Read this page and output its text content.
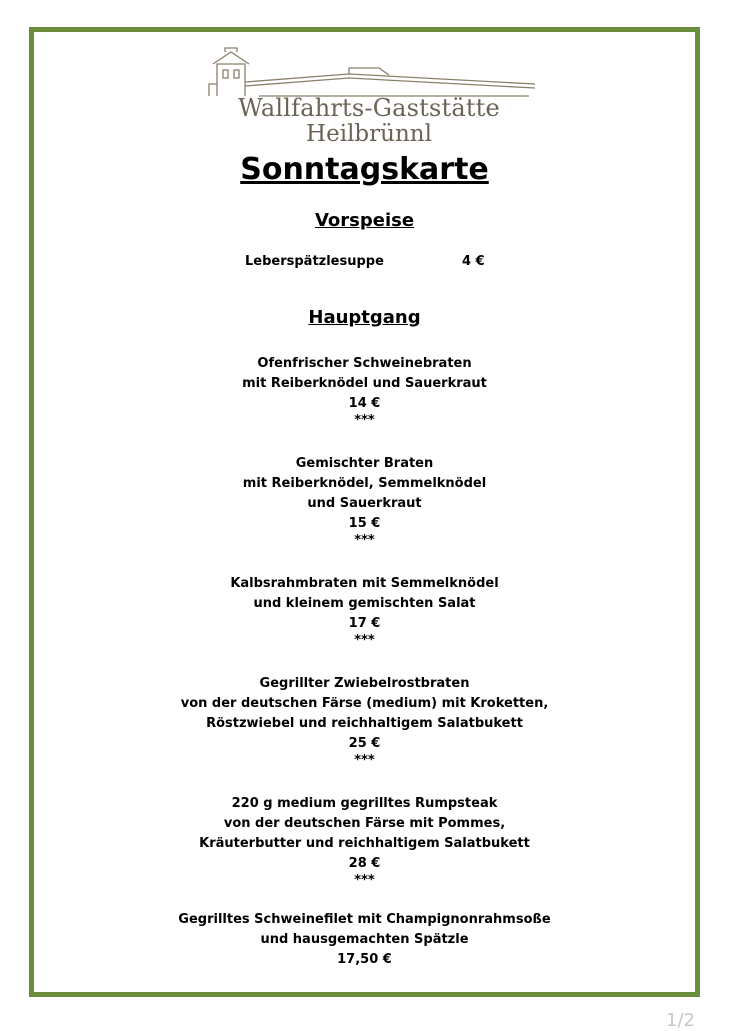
Wallfahrts-Gaststätte
Heilbrünnl
Sonntagskarte
Vorspeise
Leberspätzlesuppe	4 €
Hauptgang
Ofenfrischer Schweinebraten
mit Reiberknödel und Sauerkraut
14 €
***
Gemischter Braten
mit Reiberknödel, Semmelknödel
und Sauerkraut
15 €
***
Kalbsrahmbraten mit Semmelknödel
und kleinem gemischten Salat
17 €
***
Gegrillter Zwiebelrostbraten
von der deutschen Färse (medium) mit Kroketten,
Röstzwiebel und reichhaltigem Salatbukett
25 €
***
220 g medium gegrilltes Rumpsteak
von der deutschen Färse mit Pommes,
Kräuterbutter und reichhaltigem Salatbukett
28 €
***
Gegrilltes Schweinefilet mit Champignonrahmsoße
und hausgemachten Spätzle
17,50 €
1/2
